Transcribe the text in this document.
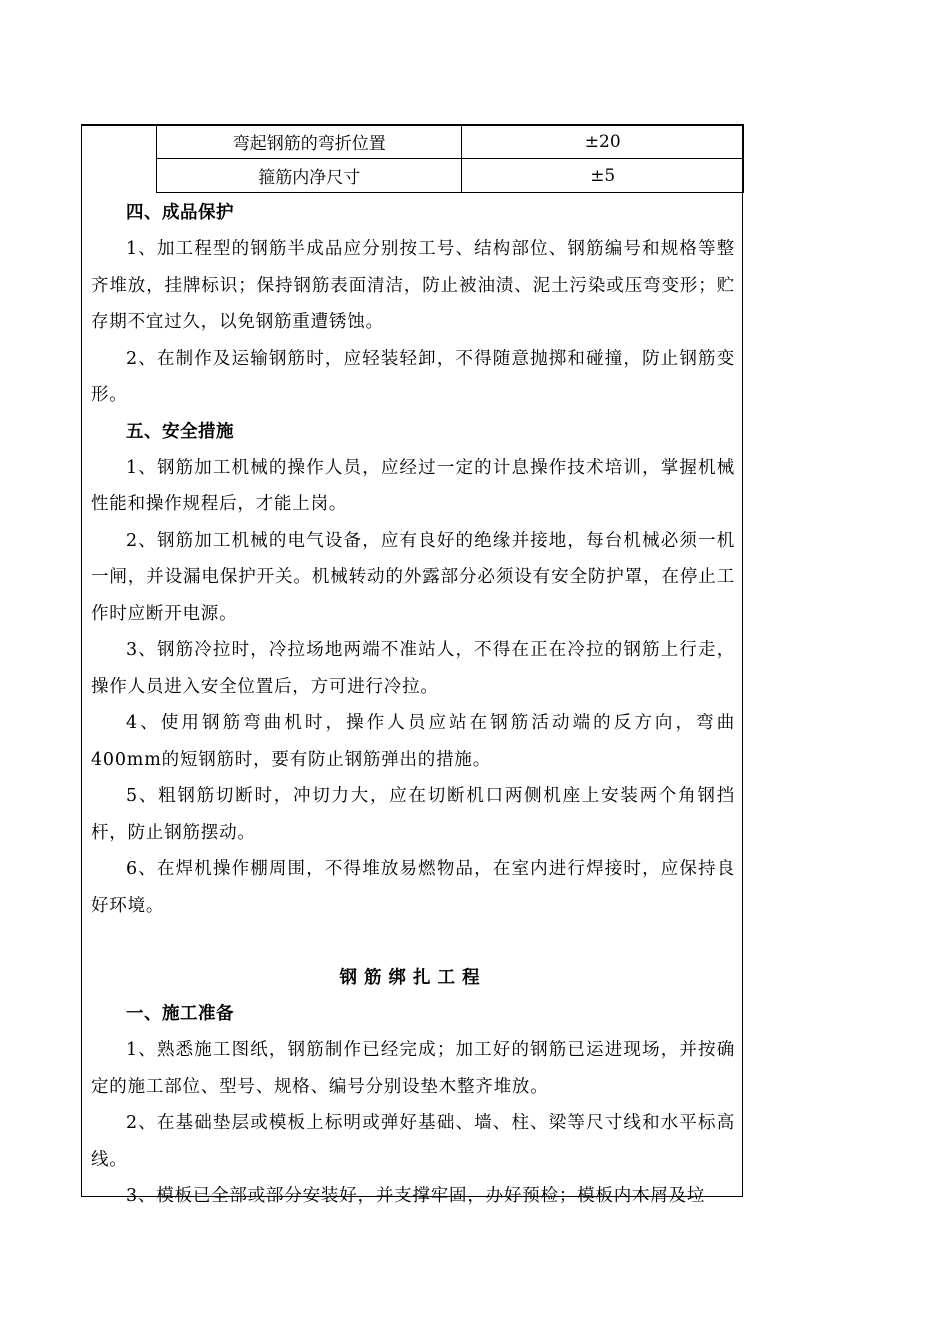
弯起钢筋的弯折位置	±20
箍筋内净尺寸	±5
四、成品保护
1、加工程型的钢筋半成品应分别按工号、结构部位、钢筋编号和规格等整齐堆放，挂牌标识；保持钢筋表面清洁，防止被油渍、泥土污染或压弯变形；贮存期不宜过久，以免钢筋重遭锈蚀。
2、在制作及运输钢筋时，应轻装轻卸，不得随意抛掷和碰撞，防止钢筋变形。
五、安全措施
1、钢筋加工机械的操作人员，应经过一定的计息操作技术培训，掌握机械性能和操作规程后，才能上岗。
2、钢筋加工机械的电气设备，应有良好的绝缘并接地，每台机械必须一机一闸，并设漏电保护开关。机械转动的外露部分必须设有安全防护罩，在停止工作时应断开电源。
3、钢筋冷拉时，冷拉场地两端不准站人，不得在正在冷拉的钢筋上行走，操作人员进入安全位置后，方可进行冷拉。
4、使用钢筋弯曲机时，操作人员应站在钢筋活动端的反方向，弯曲400mm的短钢筋时，要有防止钢筋弹出的措施。
5、粗钢筋切断时，冲切力大，应在切断机口两侧机座上安装两个角钢挡杆，防止钢筋摆动。
6、在焊机操作棚周围，不得堆放易燃物品，在室内进行焊接时，应保持良好环境。
钢筋绑扎工程
一、施工准备
1、熟悉施工图纸，钢筋制作已经完成；加工好的钢筋已运进现场，并按确定的施工部位、型号、规格、编号分别设垫木整齐堆放。
2、在基础垫层或模板上标明或弹好基础、墙、柱、梁等尺寸线和水平标高线。
3、模板已全部或部分安装好，并支撑牢固，办好预检；模板内木屑及垃
